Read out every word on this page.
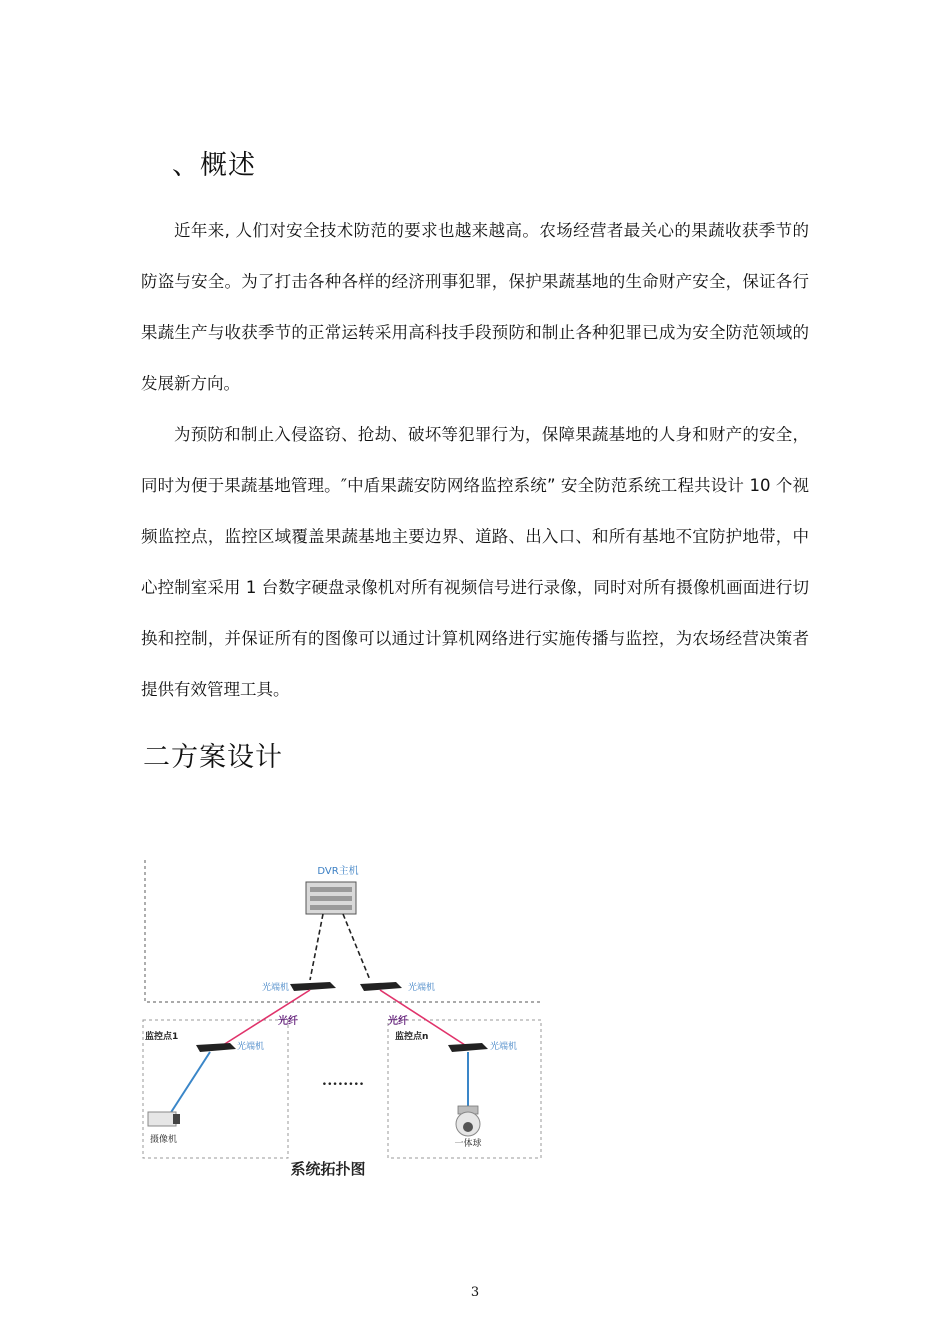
、概述

近年来, 人们对安全技术防范的要求也越来越高。农场经营者最关心的果蔬收获季节的防盗与安全。为了打击各种各样的经济刑事犯罪，保护果蔬基地的生命财产安全，保证各行果蔬生产与收获季节的正常运转采用高科技手段预防和制止各种犯罪已成为安全防范领域的发展新方向。

为预防和制止入侵盗窃、抢劫、破坏等犯罪行为，保障果蔬基地的人身和财产的安全，同时为便于果蔬基地管理。″中盾果蔬安防网络监控系统” 安全防范系统工程共设计 10 个视频监控点，监控区域覆盖果蔬基地主要边界、道路、出入口、和所有基地不宜防护地带，中心控制室采用 1 台数字硬盘录像机对所有视频信号进行录像，同时对所有摄像机画面进行切换和控制，并保证所有的图像可以通过计算机网络进行实施传播与监控，为农场经营决策者提供有效管理工具。

二方案设计
DVR主机
光端机	光端机
光纤	光纤
监控点1	监控点n
光端机	光端机
••••••••
摄像机	一体球
系统拓扑图
3
